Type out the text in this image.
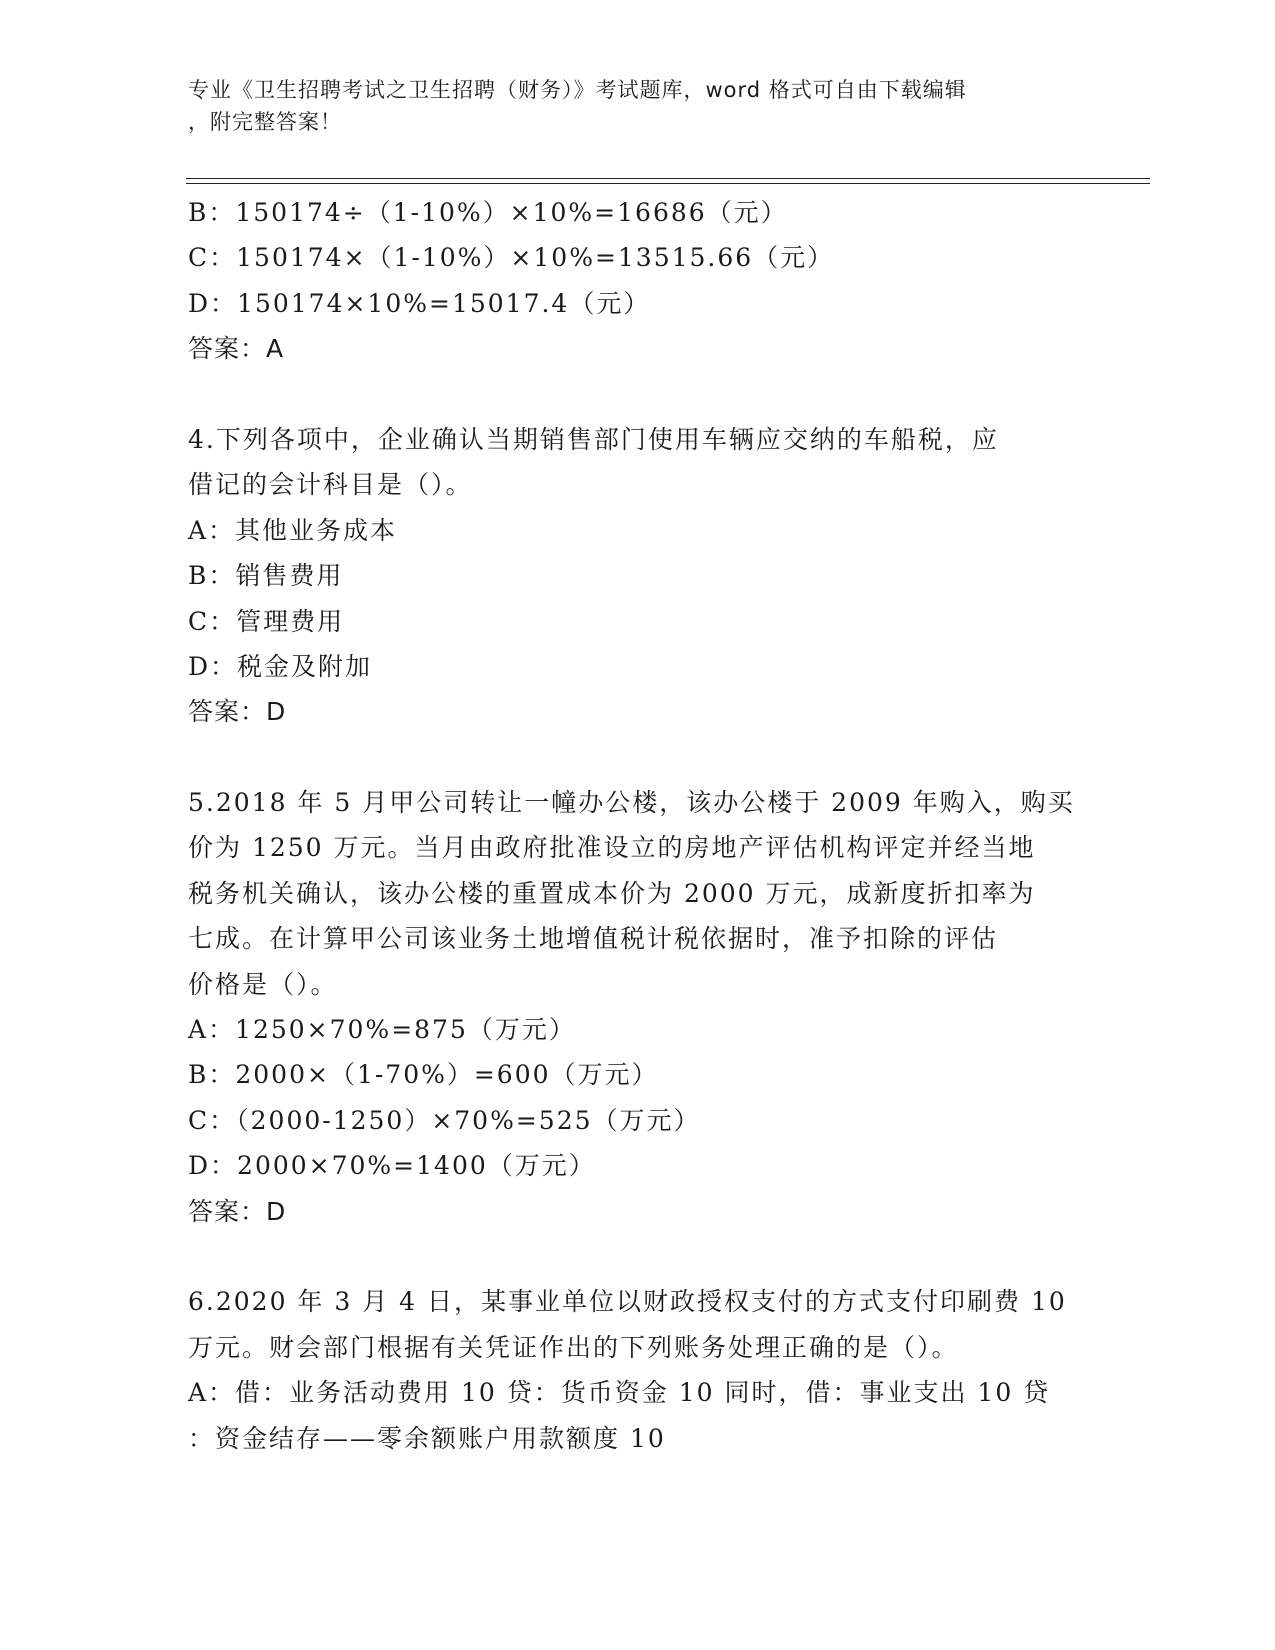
专业《卫生招聘考试之卫生招聘（财务）》考试题库，word 格式可自由下载编辑
，附完整答案！
B：150174÷（1-10%）×10%=16686（元）
C：150174×（1-10%）×10%=13515.66（元）
D：150174×10%=15017.4（元）
答案：A
4.下列各项中，企业确认当期销售部门使用车辆应交纳的车船税，应
借记的会计科目是（）。
A：其他业务成本
B：销售费用
C：管理费用
D：税金及附加
答案：D
5.2018 年 5 月甲公司转让一幢办公楼，该办公楼于 2009 年购入，购买
价为 1250 万元。当月由政府批准设立的房地产评估机构评定并经当地
税务机关确认，该办公楼的重置成本价为 2000 万元，成新度折扣率为
七成。在计算甲公司该业务土地增值税计税依据时，准予扣除的评估
价格是（）。
A：1250×70%=875（万元）
B：2000×（1-70%）=600（万元）
C：（2000-1250）×70%=525（万元）
D：2000×70%=1400（万元）
答案：D
6.2020 年 3 月 4 日，某事业单位以财政授权支付的方式支付印刷费 10
万元。财会部门根据有关凭证作出的下列账务处理正确的是（）。
A：借：业务活动费用 10 贷：货币资金 10 同时，借：事业支出 10 贷
：资金结存——零余额账户用款额度 10
